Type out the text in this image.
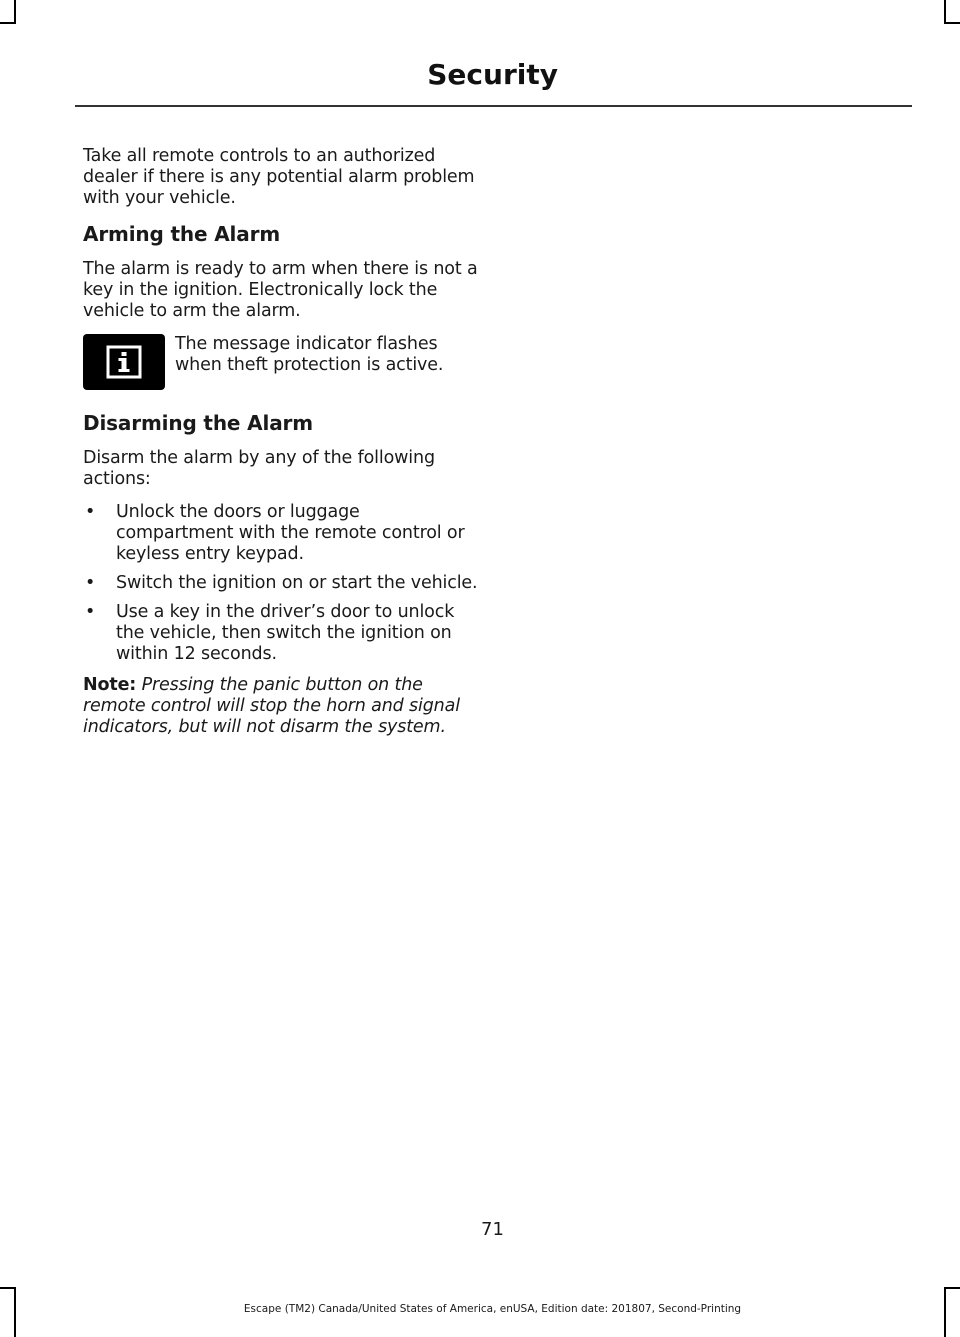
Security

Take all remote controls to an authorized dealer if there is any potential alarm problem with your vehicle.

Arming the Alarm

The alarm is ready to arm when there is not a key in the ignition. Electronically lock the vehicle to arm the alarm.

The message indicator flashes when theft protection is active.

Disarming the Alarm

Disarm the alarm by any of the following actions:

• Unlock the doors or luggage compartment with the remote control or keyless entry keypad.
• Switch the ignition on or start the vehicle.
• Use a key in the driver’s door to unlock the vehicle, then switch the ignition on within 12 seconds.

Note: Pressing the panic button on the remote control will stop the horn and signal indicators, but will not disarm the system.

71
Escape (TM2) Canada/United States of America, enUSA, Edition date: 201807, Second-Printing
